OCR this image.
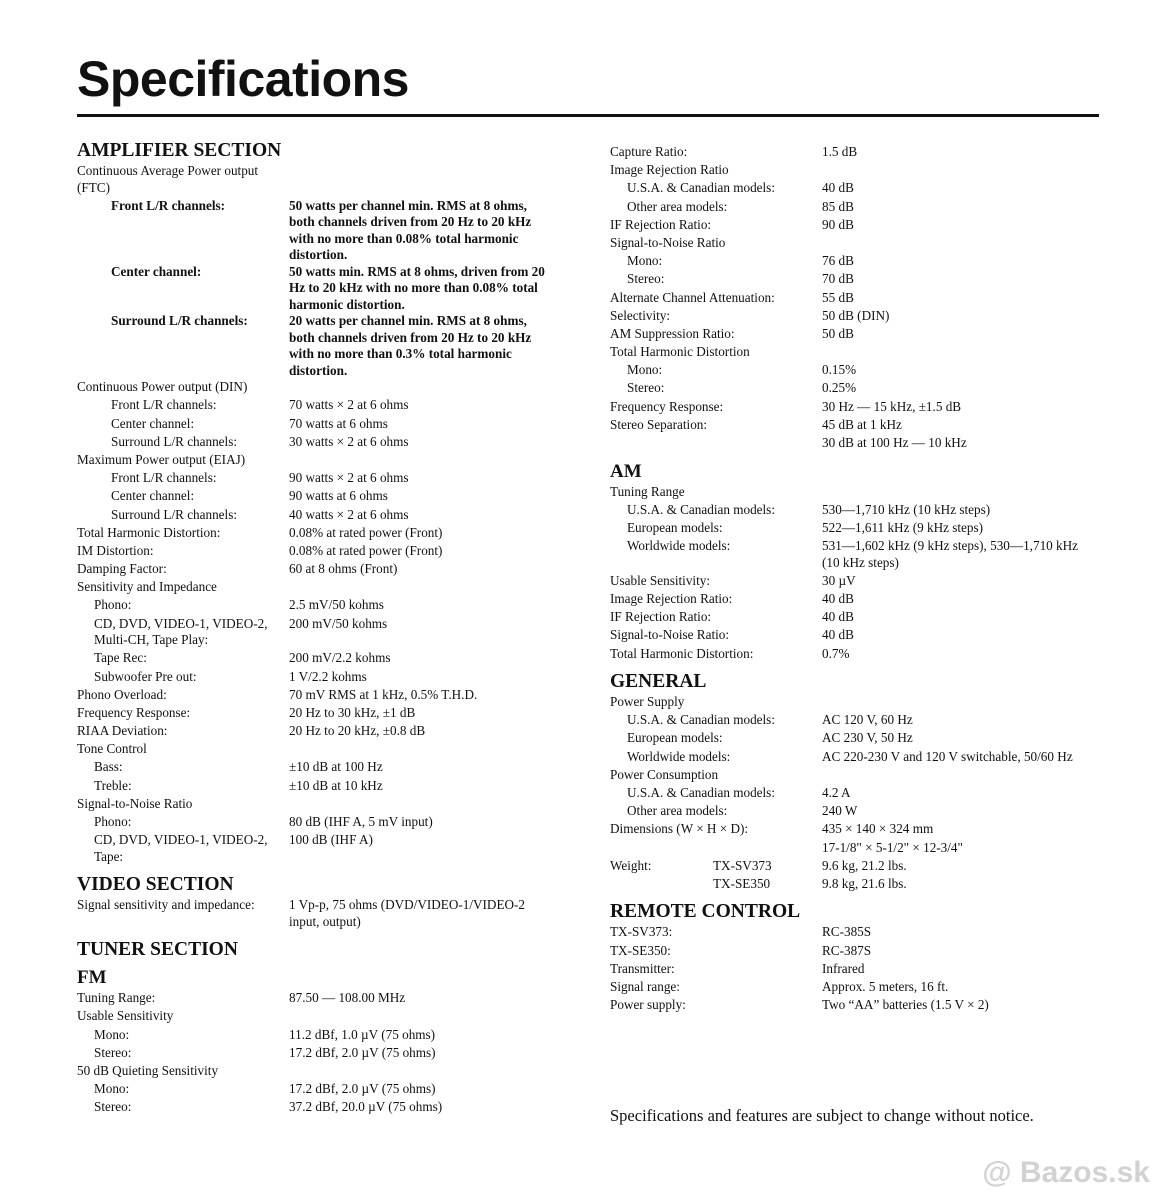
Specifications
AMPLIFIER SECTION
Continuous Average Power output (FTC)
Front L/R channels:	50 watts per channel min. RMS at 8 ohms, both channels driven from 20 Hz to 20 kHz with no more than 0.08% total harmonic distortion.
Center channel:	50 watts min. RMS at 8 ohms, driven from 20 Hz to 20 kHz with no more than 0.08% total harmonic distortion.
Surround L/R channels:	20 watts per channel min. RMS at 8 ohms, both channels driven from 20 Hz to 20 kHz with no more than 0.3% total harmonic distortion.
Continuous Power output (DIN)
Front L/R channels:	70 watts × 2 at 6 ohms
Center channel:	70 watts at 6 ohms
Surround L/R channels:	30 watts × 2 at 6 ohms
Maximum Power output (EIAJ)
Front L/R channels:	90 watts × 2 at 6 ohms
Center channel:	90 watts at 6 ohms
Surround L/R channels:	40 watts × 2 at 6 ohms
Total Harmonic Distortion:	0.08% at rated power (Front)
IM Distortion:	0.08% at rated power (Front)
Damping Factor:	60 at 8 ohms (Front)
Sensitivity and Impedance
Phono:	2.5 mV/50 kohms
CD, DVD, VIDEO-1, VIDEO-2, Multi-CH, Tape Play:
200 mV/50 kohms
Tape Rec:	200 mV/2.2 kohms
Subwoofer Pre out:	1 V/2.2 kohms
Phono Overload:	70 mV RMS at 1 kHz, 0.5% T.H.D.
Frequency Response:	20 Hz to 30 kHz, ±1 dB
RIAA Deviation:	20 Hz to 20 kHz, ±0.8 dB
Tone Control
Bass:	±10 dB at 100 Hz
Treble:	±10 dB at 10 kHz
Signal-to-Noise Ratio
Phono:	80 dB (IHF A, 5 mV input)
CD, DVD, VIDEO-1, VIDEO-2, Tape:
100 dB (IHF A)
VIDEO SECTION
Signal sensitivity and impedance:	1 Vp-p, 75 ohms (DVD/VIDEO-1/VIDEO-2 input, output)
TUNER SECTION
FM
Tuning Range:	87.50 — 108.00 MHz
Usable Sensitivity
Mono:	11.2 dBf, 1.0 µV (75 ohms)
Stereo:	17.2 dBf, 2.0 µV (75 ohms)
50 dB Quieting Sensitivity
Mono:	17.2 dBf, 2.0 µV (75 ohms)
Stereo:	37.2 dBf, 20.0 µV (75 ohms)
Capture Ratio:	1.5 dB
Image Rejection Ratio
U.S.A. & Canadian models:	40 dB
Other area models:	85 dB
IF Rejection Ratio:	90 dB
Signal-to-Noise Ratio
Mono:	76 dB
Stereo:	70 dB
Alternate Channel Attenuation:	55 dB
Selectivity:	50 dB (DIN)
AM Suppression Ratio:	50 dB
Total Harmonic Distortion
Mono:	0.15%
Stereo:	0.25%
Frequency Response:	30 Hz — 15 kHz, ±1.5 dB
Stereo Separation:	45 dB at 1 kHz
30 dB at 100 Hz — 10 kHz
AM
Tuning Range
U.S.A. & Canadian models:	530—1,710 kHz (10 kHz steps)
European models:	522—1,611 kHz (9 kHz steps)
Worldwide models:	531—1,602 kHz (9 kHz steps), 530—1,710 kHz (10 kHz steps)
Usable Sensitivity:	30 µV
Image Rejection Ratio:	40 dB
IF Rejection Ratio:	40 dB
Signal-to-Noise Ratio:	40 dB
Total Harmonic Distortion:	0.7%
GENERAL
Power Supply
U.S.A. & Canadian models:	AC 120 V, 60 Hz
European models:	AC 230 V, 50 Hz
Worldwide models:	AC 220-230 V and 120 V switchable, 50/60 Hz
Power Consumption
U.S.A. & Canadian models:	4.2 A
Other area models:	240 W
Dimensions (W × H × D):	435 × 140 × 324 mm
17-1/8" × 5-1/2" × 12-3/4"
Weight:	TX-SV373	9.6 kg, 21.2 lbs.
TX-SE350	9.8 kg, 21.6 lbs.
REMOTE CONTROL
TX-SV373:	RC-385S
TX-SE350:	RC-387S
Transmitter:	Infrared
Signal range:	Approx. 5 meters, 16 ft.
Power supply:	Two “AA” batteries (1.5 V × 2)
Specifications and features are subject to change without notice.
@ Bazos.sk
